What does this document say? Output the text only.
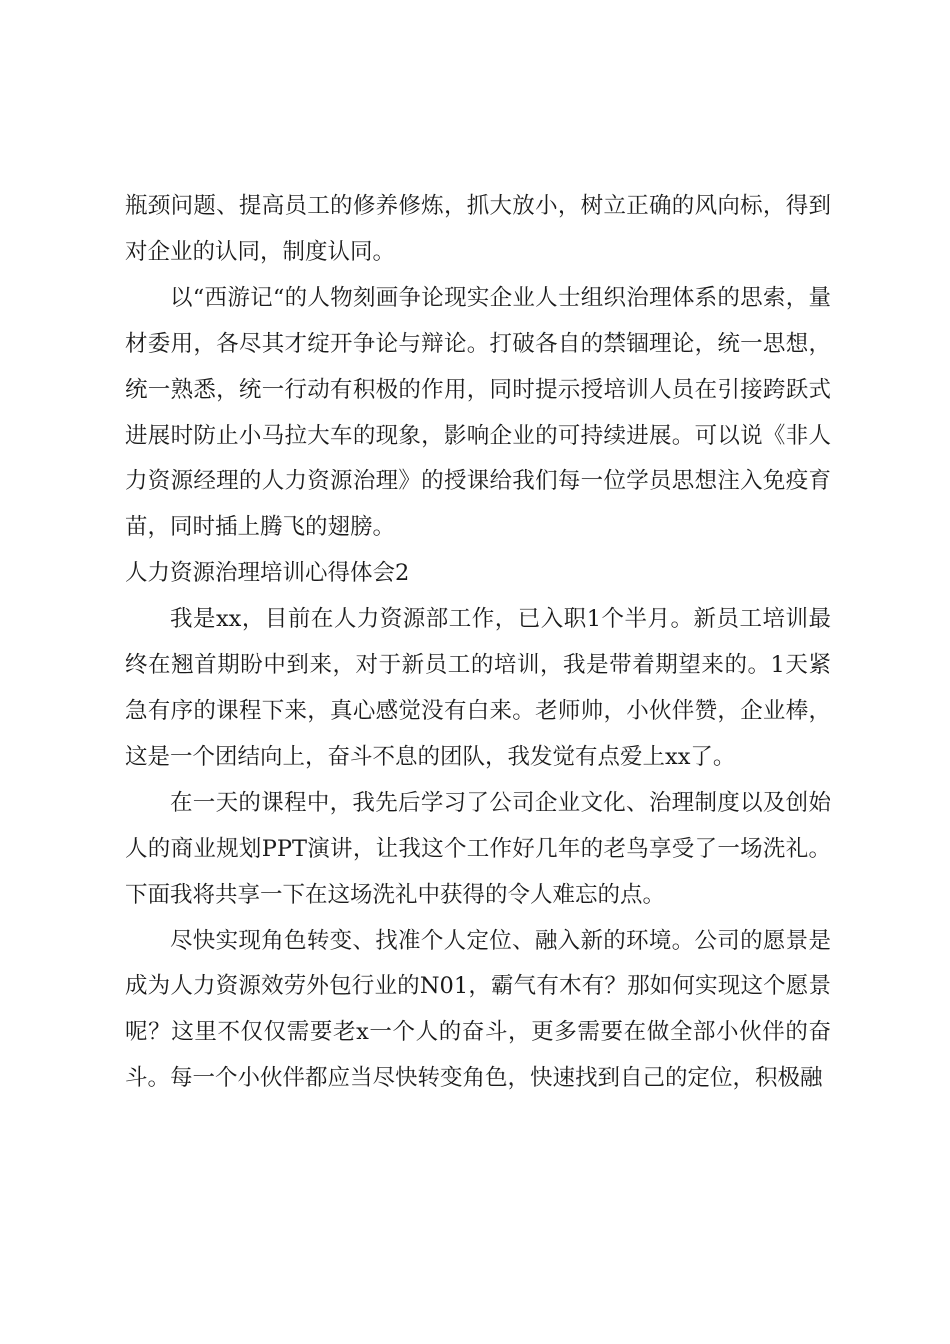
瓶颈问题、提高员工的修养修炼，抓大放小，树立正确的风向标，得到对企业的认同，制度认同。

以“西游记“的人物刻画争论现实企业人士组织治理体系的思索，量材委用，各尽其才绽开争论与辩论。打破各自的禁锢理论，统一思想，统一熟悉，统一行动有积极的作用，同时提示授培训人员在引接跨跃式进展时防止小马拉大车的现象，影响企业的可持续进展。可以说《非人力资源经理的人力资源治理》的授课给我们每一位学员思想注入免疫育苗，同时插上腾飞的翅膀。

人力资源治理培训心得体会2

我是xx，目前在人力资源部工作，已入职1个半月。新员工培训最终在翘首期盼中到来，对于新员工的培训，我是带着期望来的。1天紧急有序的课程下来，真心感觉没有白来。老师帅，小伙伴赞，企业棒，这是一个团结向上，奋斗不息的团队，我发觉有点爱上xx了。

在一天的课程中，我先后学习了公司企业文化、治理制度以及创始人的商业规划PPT演讲，让我这个工作好几年的老鸟享受了一场洗礼。下面我将共享一下在这场洗礼中获得的令人难忘的点。

尽快实现角色转变、找准个人定位、融入新的环境。公司的愿景是成为人力资源效劳外包行业的N01，霸气有木有？那如何实现这个愿景呢？这里不仅仅需要老x一个人的奋斗，更多需要在做全部小伙伴的奋斗。每一个小伙伴都应当尽快转变角色，快速找到自己的定位，积极融
